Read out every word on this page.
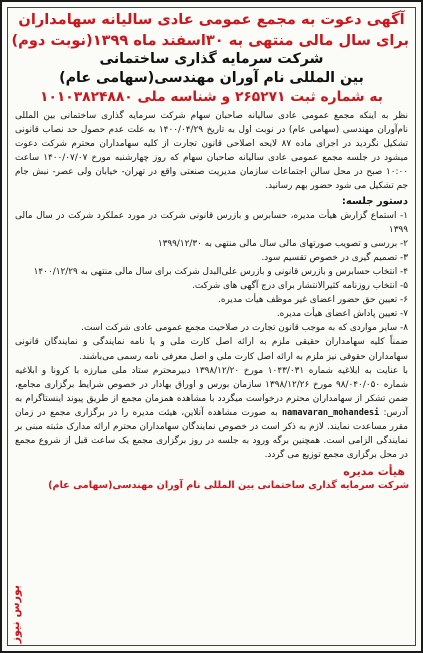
آگهی دعوت به مجمع عمومی عادی سالیانه سهامداران
برای سال مالی منتهی به ۳۰اسفند ماه ۱۳۹۹(نوبت دوم)
شرکت سرمایه گذاری ساختمانی
بین المللی نام آوران مهندسی(سهامی عام)
به شماره ثبت ۲۶۵۲۷۱ و شناسه ملی ۱۰۱۰۳۸۲۴۸۸۰
نظر به اینکه مجمع عمومی عادی سالیانه صاحبان سهام شرکت سرمایه گذاری ساختمانی بین المللی نام‌آوران مهندسی (سهامی عام) در نوبت اول به تاریخ ۱۴۰۰/۰۴/۲۹ به علت عدم حصول حد نصاب قانونی تشکیل نگردید در اجرای ماده ۸۷ لایحه اصلاحی قانون تجارت از کلیه سهامداران محترم شرکت دعوت میشود در جلسه مجمع عمومی عادی سالیانه صاحبان سهام که روز چهارشنبه مورخ ۱۴۰۰/۰۷/۰۷ ساعت ۱۰:۰۰ صبح در محل سالن اجتماعات سازمان مدیریت صنعتی واقع در تهران- خیابان ولی عصر- نبش جام جم تشکیل می شود حضور بهم رسانید.
دستور جلسه:
۱- استماع گزارش هیأت مدیره، حسابرس و بازرس قانونی شرکت در مورد عملکرد شرکت در سال مالی ۱۳۹۹
۲- بررسی و تصویب صورتهای مالی سال مالی منتهی به ۱۳۹۹/۱۲/۳۰
۳- تصمیم گیری در خصوص تقسیم سود.
۴- انتخاب حسابرس و بازرس قانونی و بازرس علی‌البدل شرکت برای سال مالی منتهی به ۱۴۰۰/۱۲/۲۹
۵- انتخاب روزنامه کثیرالانتشار برای درج آگهی های شرکت.
۶- تعیین حق حضور اعضای غیر موظف هیأت مدیره.
۷- تعیین پاداش اعضای هیأت مدیره.
۸- سایر مواردی که به موجب قانون تجارت در صلاحیت مجمع عمومی عادی شرکت است.
ضمناً کلیه سهامداران حقیقی ملزم به ارائه اصل کارت ملی و یا نامه نمایندگی و نمایندگان قانونی سهامداران حقوقی نیز ملزم به ارائه اصل کارت ملی و اصل معرفی نامه رسمی می‌باشند.
با عنایت به ابلاغیه شماره ۱۰۴۳/۰۳۱ مورخ ۱۳۹۸/۱۲/۲۰ دبیرمحترم ستاد ملی مبارزه با کرونا و ابلاغیه شماره ۹۸/۰۴۰/۰۵۰ مورخ ۱۳۹۸/۱۲/۲۶ سازمان بورس و اوراق بهادار در خصوص شرایط برگزاری مجامع، ضمن تشکر از سهامداران محترم درخواست میگردد با مشاهده همزمان مجمع از طریق پیوند اینستاگرام به آدرس: namavaran_mohandesi به صورت مشاهده آنلاین، هیئت مدیره را در برگزاری مجمع در زمان مقرر مساعدت نمایند. لازم به ذکر است در خصوص نمایندگان سهامداران محترم ارائه مدارک مثبته مبنی بر نمایندگی الزامی است. همچنین برگه ورود به جلسه در روز برگزاری مجمع یک ساعت قبل از شروع مجمع در محل برگزاری مجمع توزیع می گردد.
هیأت مدیره
شرکت سرمایه گذاری ساختمانی بین المللی نام آوران مهندسی(سهامی عام)
بورس نیوز
